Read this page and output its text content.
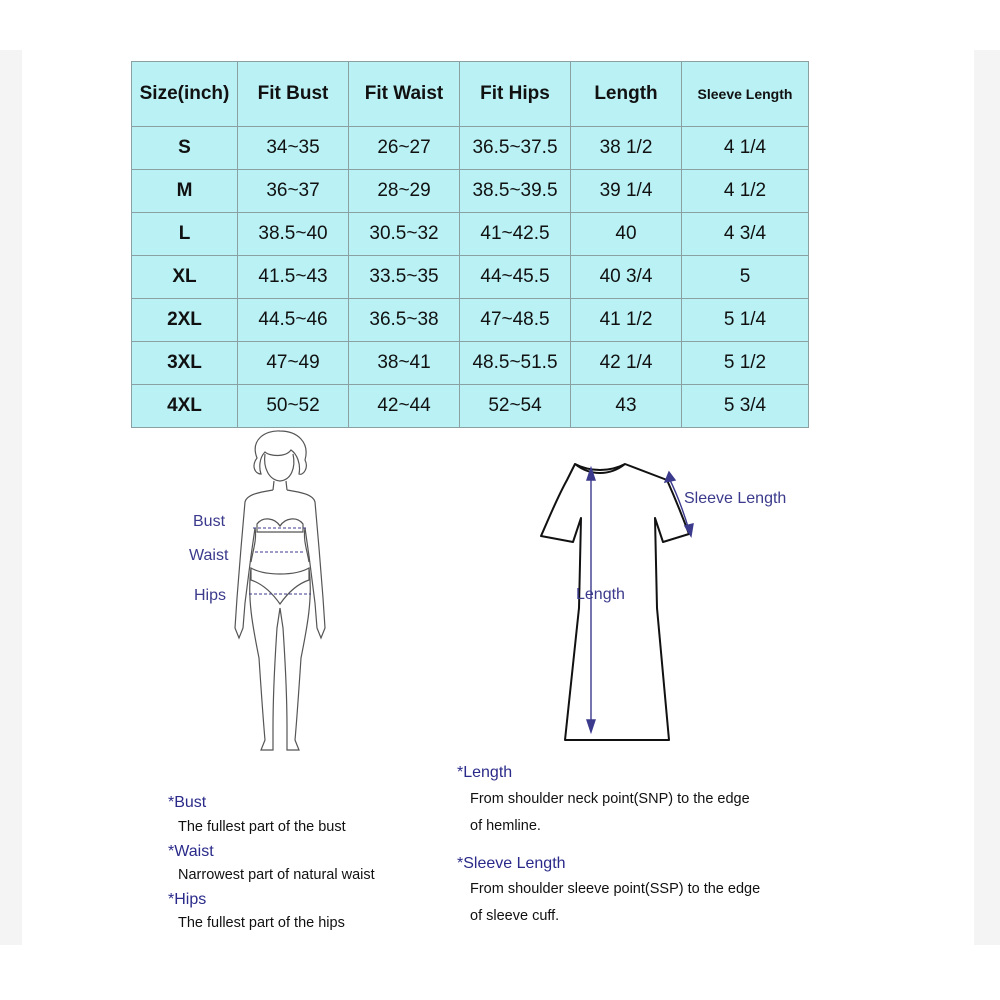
Size(inch)	Fit Bust	Fit Waist	Fit Hips	Length	Sleeve Length
S	34~35	26~27	36.5~37.5	38 1/2	4 1/4
M	36~37	28~29	38.5~39.5	39 1/4	4 1/2
L	38.5~40	30.5~32	41~42.5	40	4 3/4
XL	41.5~43	33.5~35	44~45.5	40 3/4	5
2XL	44.5~46	36.5~38	47~48.5	41 1/2	5 1/4
3XL	47~49	38~41	48.5~51.5	42 1/4	5 1/2
4XL	50~52	42~44	52~54	43	5 3/4
Bust
Waist
Hips
Sleeve Length
Length
*Bust
The fullest part of the bust
*Waist
Narrowest part of natural waist
*Hips
The fullest part of the hips
*Length
From shoulder neck point(SNP) to the edge
of hemline.
*Sleeve Length
From shoulder sleeve point(SSP) to the edge
of sleeve cuff.
